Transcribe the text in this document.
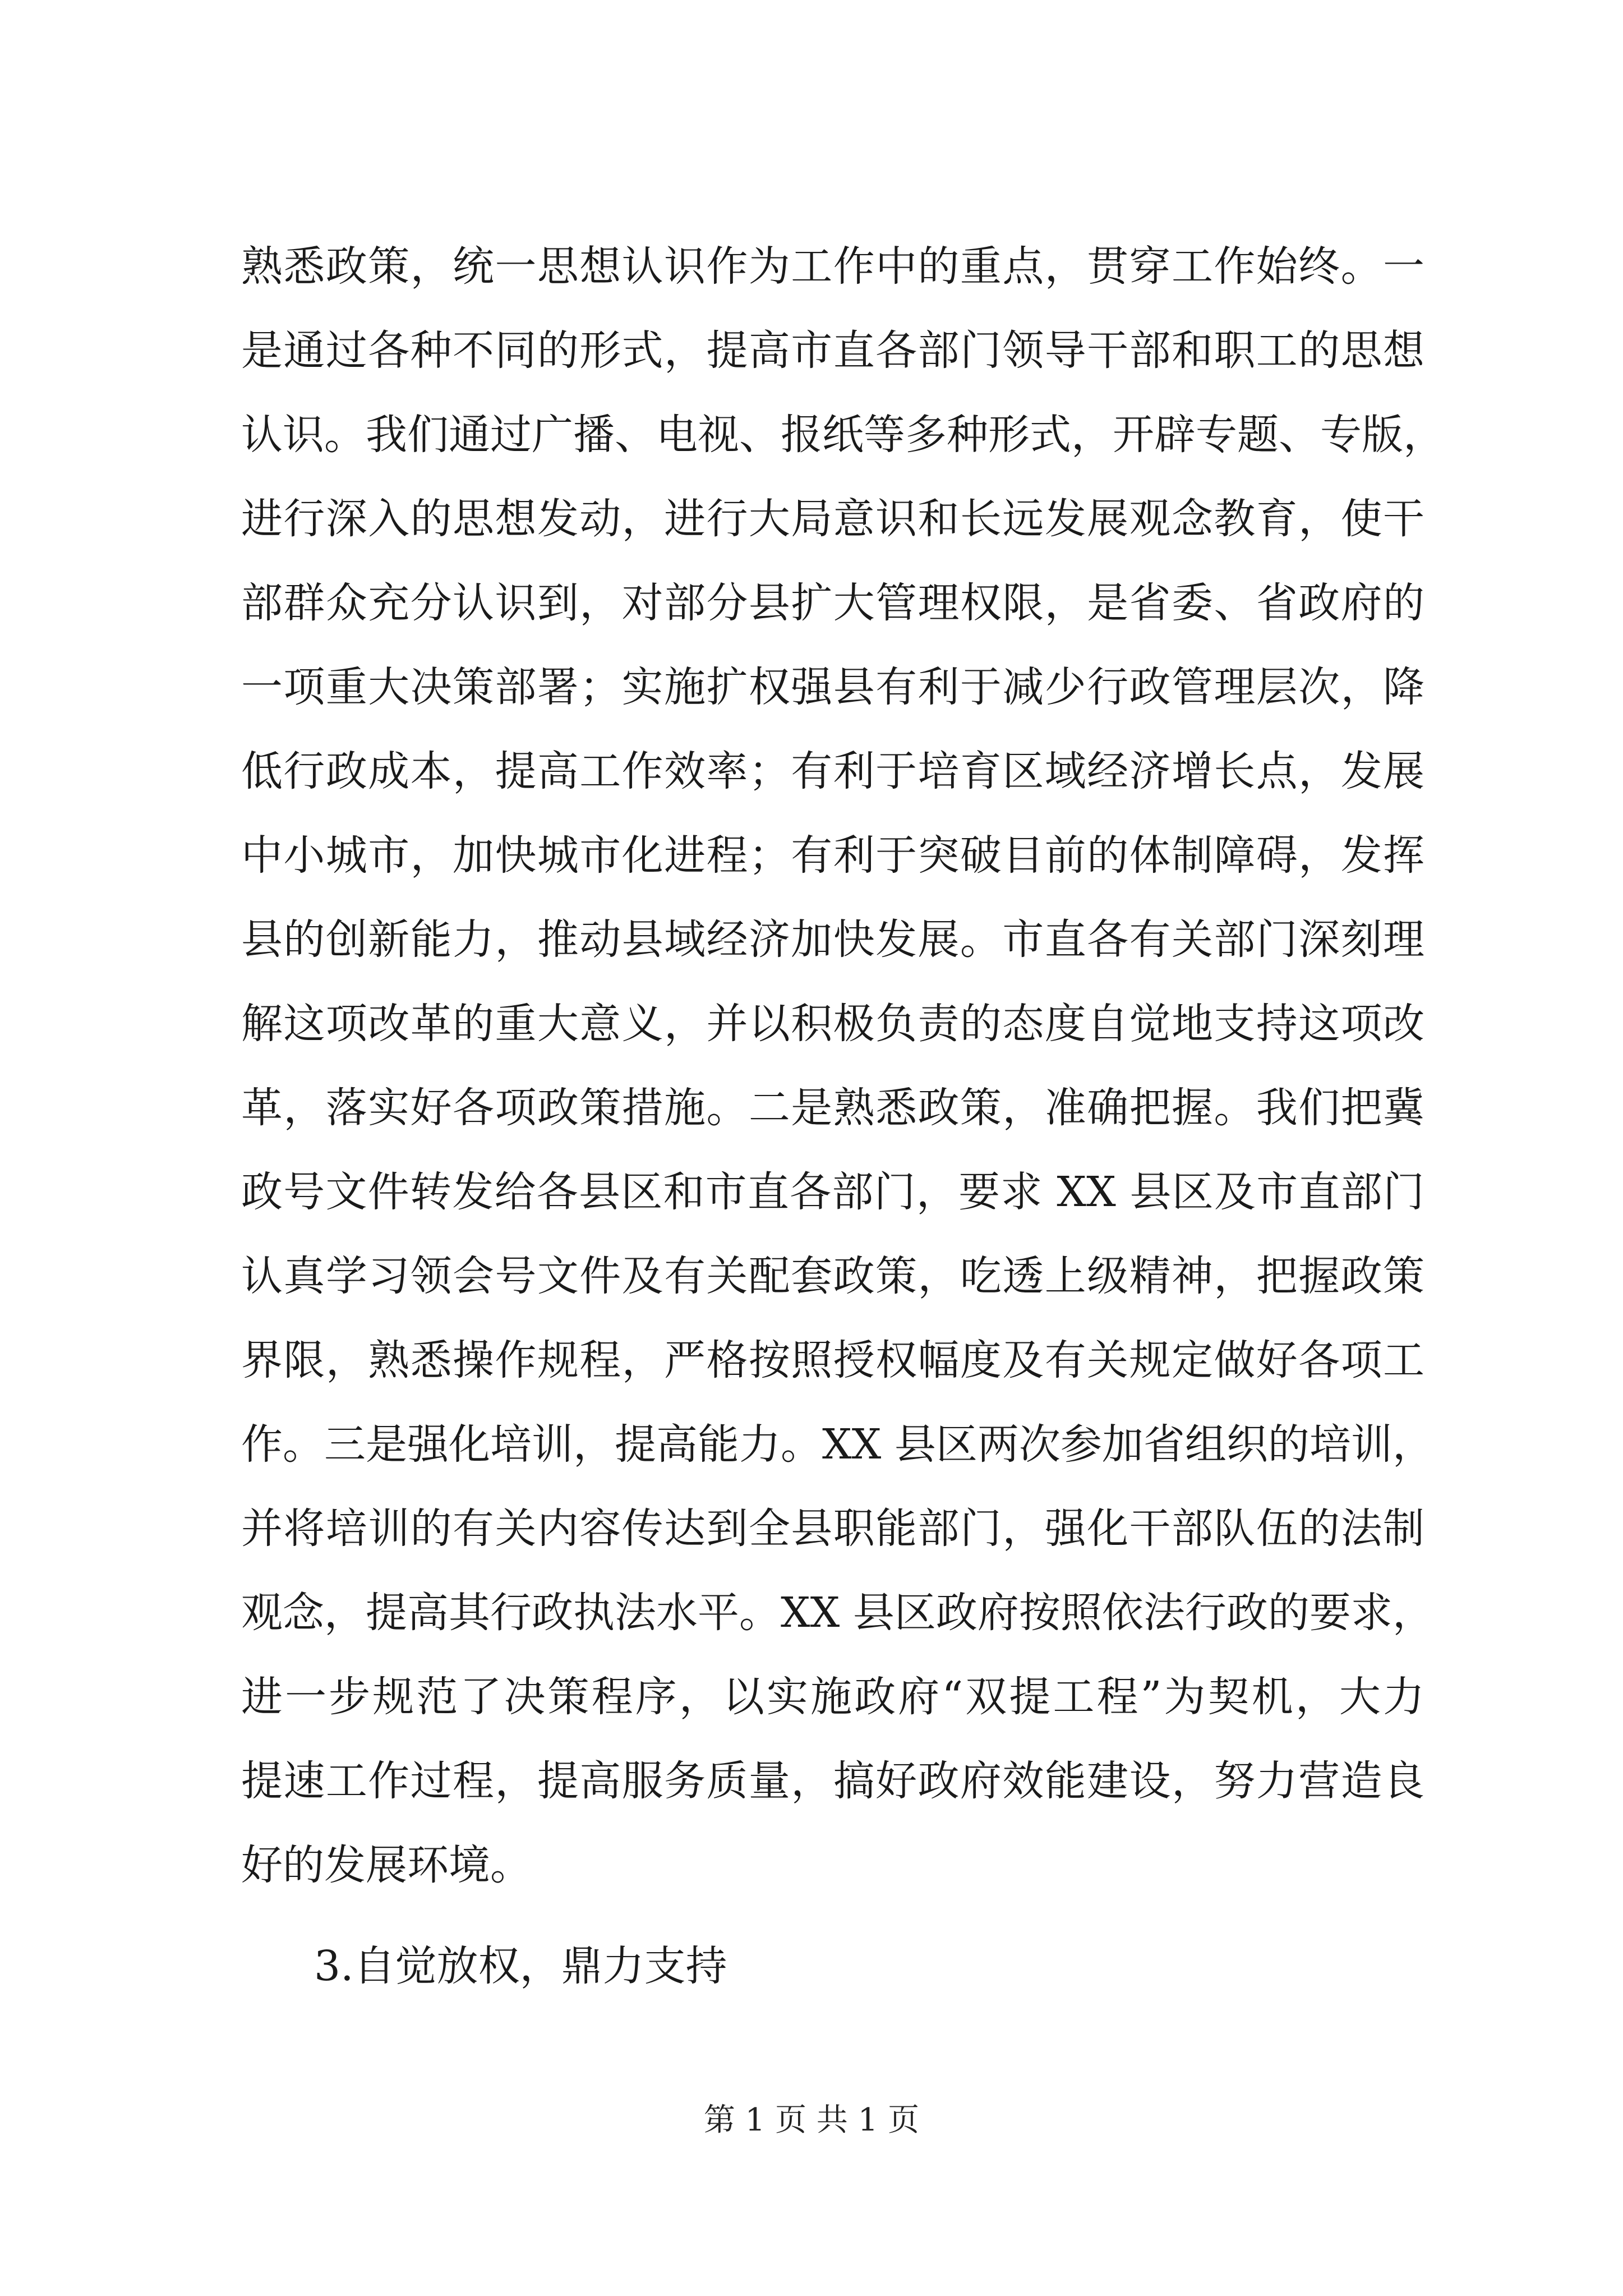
熟悉政策，统一思想认识作为工作中的重点，贯穿工作始终。一
是通过各种不同的形式，提高市直各部门领导干部和职工的思想
认识。我们通过广播、电视、报纸等多种形式，开辟专题、专版，
进行深入的思想发动，进行大局意识和长远发展观念教育，使干
部群众充分认识到，对部分县扩大管理权限，是省委、省政府的
一项重大决策部署；实施扩权强县有利于减少行政管理层次，降
低行政成本，提高工作效率；有利于培育区域经济增长点，发展
中小城市，加快城市化进程；有利于突破目前的体制障碍，发挥
县的创新能力，推动县域经济加快发展。市直各有关部门深刻理
解这项改革的重大意义，并以积极负责的态度自觉地支持这项改
革，落实好各项政策措施。二是熟悉政策，准确把握。我们把冀
政号文件转发给各县区和市直各部门，要求 XX 县区及市直部门
认真学习领会号文件及有关配套政策，吃透上级精神，把握政策
界限，熟悉操作规程，严格按照授权幅度及有关规定做好各项工
作。三是强化培训，提高能力。XX 县区两次参加省组织的培训，
并将培训的有关内容传达到全县职能部门，强化干部队伍的法制
观念，提高其行政执法水平。XX 县区政府按照依法行政的要求，
进一步规范了决策程序，以实施政府“双提工程”为契机，大力
提速工作过程，提高服务质量，搞好政府效能建设，努力营造良
好的发展环境。
3.自觉放权，鼎力支持
第 1 页 共 1 页
